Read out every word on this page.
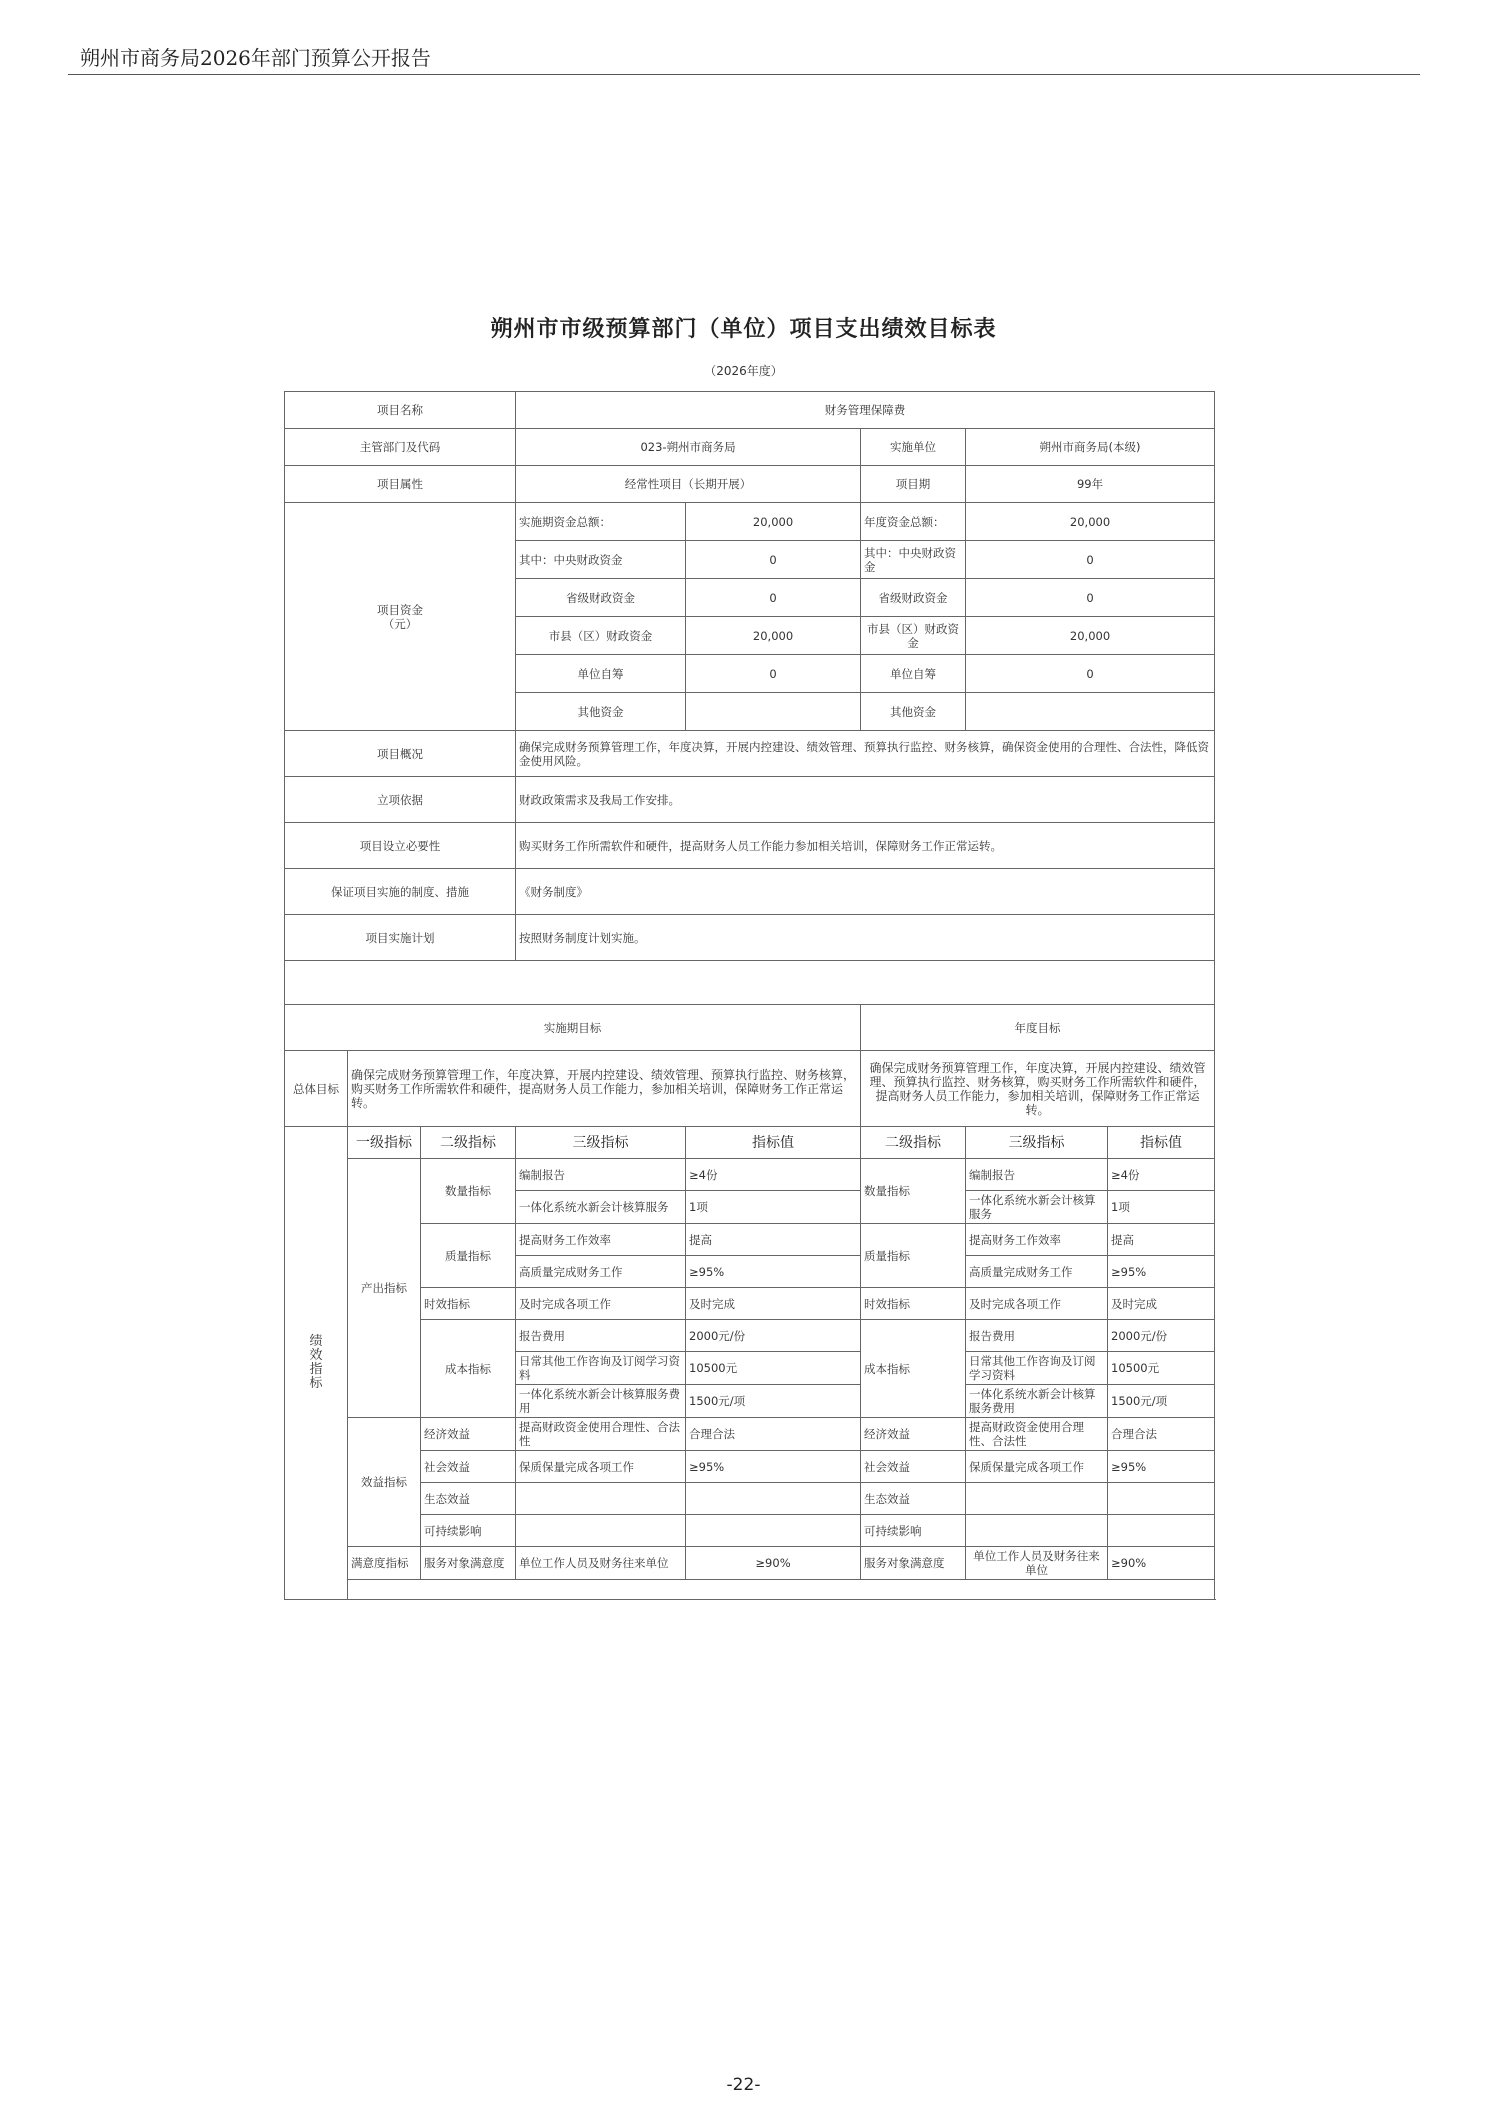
朔州市商务局2026年部门预算公开报告
朔州市市级预算部门（单位）项目支出绩效目标表
（2026年度）
项目名称			财务管理保障费				
主管部门及代码			023-朔州市商务局		实施单位	朔州市商务局(本级)	
项目属性			经常性项目（长期开展）		项目期	99年	
项目资金
（元）			实施期资金总额：	20,000	年度资金总额：	20,000	
			其中：中央财政资金	0	其中：中央财政资金	0	
			省级财政资金	0	省级财政资金	0	
			市县（区）财政资金	20,000	市县（区）财政资金	20,000	
			单位自筹	0	单位自筹	0	
			其他资金		其他资金		
项目概况			确保完成财务预算管理工作，年度决算，开展内控建设、绩效管理、预算执行监控、财务核算，确保资金使用的合理性、合法性，降低资金使用风险。				
立项依据			财政政策需求及我局工作安排。				
项目设立必要性			购买财务工作所需软件和硬件，提高财务人员工作能力参加相关培训，保障财务工作正常运转。				
保证项目实施的制度、措施			《财务制度》				
项目实施计划			按照财务制度计划实施。				

实施期目标					年度目标		
总体目标	确保完成财务预算管理工作，年度决算，开展内控建设、绩效管理、预算执行监控、财务核算，购买财务工作所需软件和硬件，提高财务人员工作能力，参加相关培训，保障财务工作正常运转。				确保完成财务预算管理工作，年度决算，开展内控建设、绩效管理、预算执行监控、财务核算，购买财务工作所需软件和硬件，提高财务人员工作能力，参加相关培训，保障财务工作正常运转。		
绩
效
指
标	一级指标	二级指标	三级指标	指标值	二级指标	三级指标	指标值
	产出指标	数量指标	编制报告	≥4份	数量指标	编制报告	≥4份
			一体化系统水新会计核算服务	1项		一体化系统水新会计核算服务	1项
		质量指标	提高财务工作效率	提高	质量指标	提高财务工作效率	提高
			高质量完成财务工作	≥95%		高质量完成财务工作	≥95%
		时效指标	及时完成各项工作	及时完成	时效指标	及时完成各项工作	及时完成
		成本指标	报告费用	2000元/份	成本指标	报告费用	2000元/份
			日常其他工作咨询及订阅学习资料	10500元		日常其他工作咨询及订阅学习资料	10500元
			一体化系统水新会计核算服务费用	1500元/项		一体化系统水新会计核算服务费用	1500元/项
	效益指标	经济效益	提高财政资金使用合理性、合法性	合理合法	经济效益	提高财政资金使用合理性、合法性	合理合法
		社会效益	保质保量完成各项工作	≥95%	社会效益	保质保量完成各项工作	≥95%
		生态效益			生态效益		
		可持续影响			可持续影响		
	满意度指标	服务对象满意度	单位工作人员及财务往来单位	≥90%	服务对象满意度	单位工作人员及财务往来单位	≥90%

-22-
